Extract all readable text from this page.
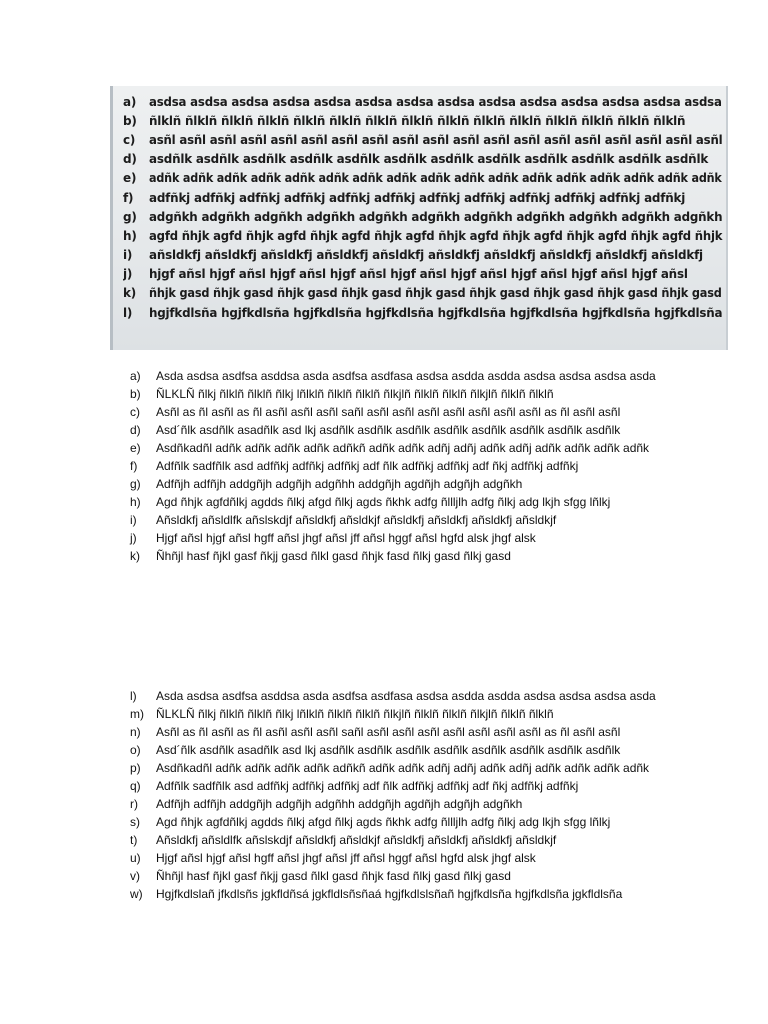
a)	asdsa asdsa asdsa asdsa asdsa asdsa asdsa asdsa asdsa asdsa asdsa asdsa asdsa asdsa
b)	ñlklñ ñlklñ ñlklñ ñlklñ ñlklñ ñlklñ ñlklñ ñlklñ ñlklñ ñlklñ ñlklñ ñlklñ ñlklñ ñlklñ ñlklñ
c)	asñl asñl asñl asñl asñl asñl asñl asñl asñl asñl asñl asñl asñl asñl asñl asñl asñl asñl asñl
d)	asdñlk asdñlk asdñlk asdñlk asdñlk asdñlk asdñlk asdñlk asdñlk asdñlk asdñlk asdñlk
e)	adñk adñk adñk adñk adñk adñk adñk adñk adñk adñk adñk adñk adñk adñk adñk adñk adñk
f)	adfñkj adfñkj adfñkj adfñkj adfñkj adfñkj adfñkj adfñkj adfñkj adfñkj adfñkj adfñkj
g)	adgñkh adgñkh adgñkh adgñkh adgñkh adgñkh adgñkh adgñkh adgñkh adgñkh adgñkh
h)	agfd ñhjk agfd ñhjk agfd ñhjk agfd ñhjk agfd ñhjk agfd ñhjk agfd ñhjk agfd ñhjk agfd ñhjk
i)	añsldkfj añsldkfj añsldkfj añsldkfj añsldkfj añsldkfj añsldkfj añsldkfj añsldkfj añsldkfj
j)	hjgf añsl hjgf añsl hjgf añsl hjgf añsl hjgf añsl hjgf añsl hjgf añsl hjgf añsl hjgf añsl
k)	ñhjk gasd ñhjk gasd ñhjk gasd ñhjk gasd ñhjk gasd ñhjk gasd ñhjk gasd ñhjk gasd ñhjk gasd
l)	hgjfkdlsña hgjfkdlsña hgjfkdlsña hgjfkdlsña hgjfkdlsña hgjfkdlsña hgjfkdlsña hgjfkdlsña
a)	Asda asdsa asdfsa asddsa asda asdfsa asdfasa asdsa asdda asdda asdsa asdsa asdsa asda
b)	ÑLKLÑ ñlkj ñlklñ ñlklñ ñlkj lñlklñ ñlklñ ñlklñ ñlkjlñ ñlklñ ñlklñ ñlkjlñ ñlklñ ñlklñ
c)	Asñl as ñl asñl as ñl asñl asñl asñl sañl asñl asñl asñl asñl asñl asñl asñl as ñl asñl asñl
d)	Asd´ñlk asdñlk asadñlk asd lkj asdñlk asdñlk asdñlk asdñlk asdñlk asdñlk asdñlk asdñlk
e)	Asdñkadñl adñk adñk adñk adñk adñkñ adñk adñk adñj adñj adñk adñj adñk adñk adñk adñk
f)	Adfñlk sadfñlk asd adfñkj adfñkj adfñkj adf ñlk adfñkj adfñkj adf ñkj adfñkj adfñkj
g)	Adfñjh adfñjh addgñjh adgñjh adgñhh addgñjh agdñjh adgñjh adgñkh
h)	Agd ñhjk agfdñlkj agdds ñlkj afgd ñlkj agds ñkhk adfg ñllljlh adfg ñlkj adg lkjh sfgg lñlkj
i)	Añsldkfj añsldlfk añslskdjf añsldkfj añsldkjf añsldkfj añsldkfj añsldkfj añsldkjf
j)	Hjgf añsl hjgf añsl hgff añsl jhgf añsl jff añsl hggf añsl hgfd alsk jhgf alsk
k)	Ñhñjl hasf ñjkl gasf ñkjj gasd ñlkl gasd ñhjk fasd ñlkj gasd ñlkj gasd
l)	Asda asdsa asdfsa asddsa asda asdfsa asdfasa asdsa asdda asdda asdsa asdsa asdsa asda
m)	ÑLKLÑ ñlkj ñlklñ ñlklñ ñlkj lñlklñ ñlklñ ñlklñ ñlkjlñ ñlklñ ñlklñ ñlkjlñ ñlklñ ñlklñ
n)	Asñl as ñl asñl as ñl asñl asñl asñl sañl asñl asñl asñl asñl asñl asñl asñl as ñl asñl asñl
o)	Asd´ñlk asdñlk asadñlk asd lkj asdñlk asdñlk asdñlk asdñlk asdñlk asdñlk asdñlk asdñlk
p)	Asdñkadñl adñk adñk adñk adñk adñkñ adñk adñk adñj adñj adñk adñj adñk adñk adñk adñk
q)	Adfñlk sadfñlk asd adfñkj adfñkj adfñkj adf ñlk adfñkj adfñkj adf ñkj adfñkj adfñkj
r)	Adfñjh adfñjh addgñjh adgñjh adgñhh addgñjh agdñjh adgñjh adgñkh
s)	Agd ñhjk agfdñlkj agdds ñlkj afgd ñlkj agds ñkhk adfg ñllljlh adfg ñlkj adg lkjh sfgg lñlkj
t)	Añsldkfj añsldlfk añslskdjf añsldkfj añsldkjf añsldkfj añsldkfj añsldkfj añsldkjf
u)	Hjgf añsl hjgf añsl hgff añsl jhgf añsl jff añsl hggf añsl hgfd alsk jhgf alsk
v)	Ñhñjl hasf ñjkl gasf ñkjj gasd ñlkl gasd ñhjk fasd ñlkj gasd ñlkj gasd
w)	Hgjfkdlslañ jfkdlsñs jgkfldñsá jgkfldlsñsñaá hgjfkdlslsñañ hgjfkdlsña hgjfkdlsña jgkfldlsña
